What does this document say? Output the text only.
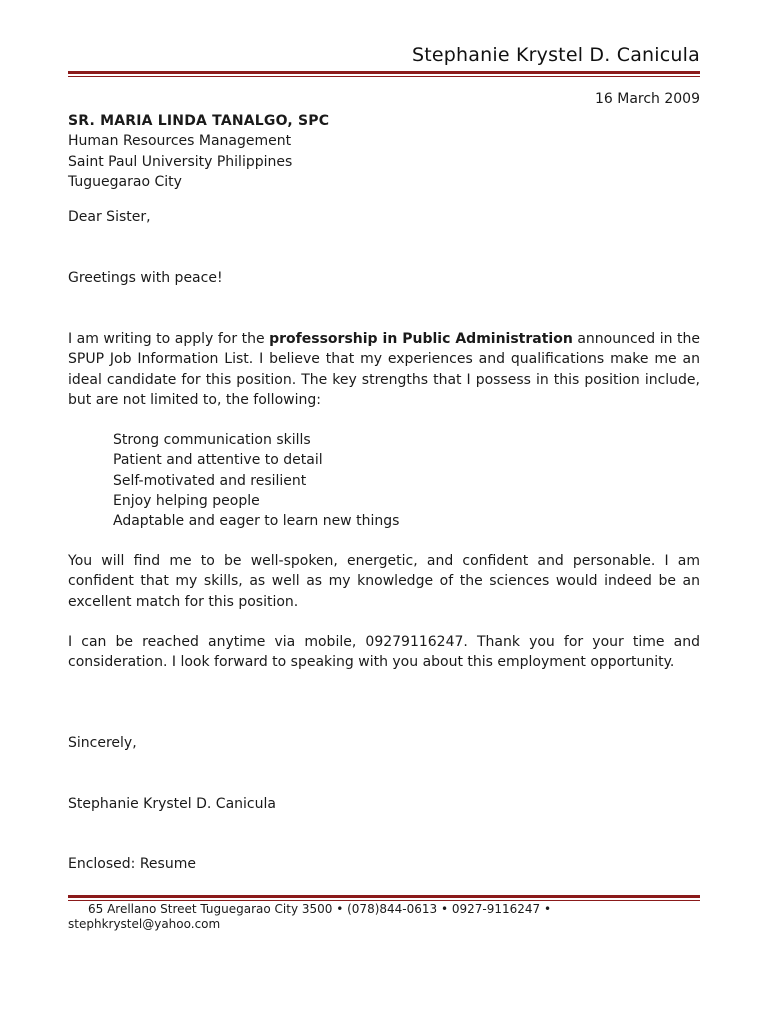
Stephanie Krystel D. Canicula
16 March 2009
SR. MARIA LINDA TANALGO, SPC
Human Resources Management
Saint Paul University Philippines
Tuguegarao City
Dear Sister,
Greetings with peace!
I am writing to apply for the professorship in Public Administration announced in the SPUP Job Information List. I believe that my experiences and qualifications make me an ideal candidate for this position. The key strengths that I possess in this position include, but are not limited to, the following:
Strong communication skills
Patient and attentive to detail
Self-motivated and resilient
Enjoy helping people
Adaptable and eager to learn new things
You will find me to be well-spoken, energetic, and confident and personable. I am confident that my skills, as well as my knowledge of the sciences would indeed be an excellent match for this position.
I can be reached anytime via mobile, 09279116247. Thank you for your time and consideration. I look forward to speaking with you about this employment opportunity.
Sincerely,
Stephanie Krystel D. Canicula
Enclosed: Resume
65 Arellano Street Tuguegarao City 3500 • (078)844-0613 • 0927-9116247 • stephkrystel@yahoo.com
